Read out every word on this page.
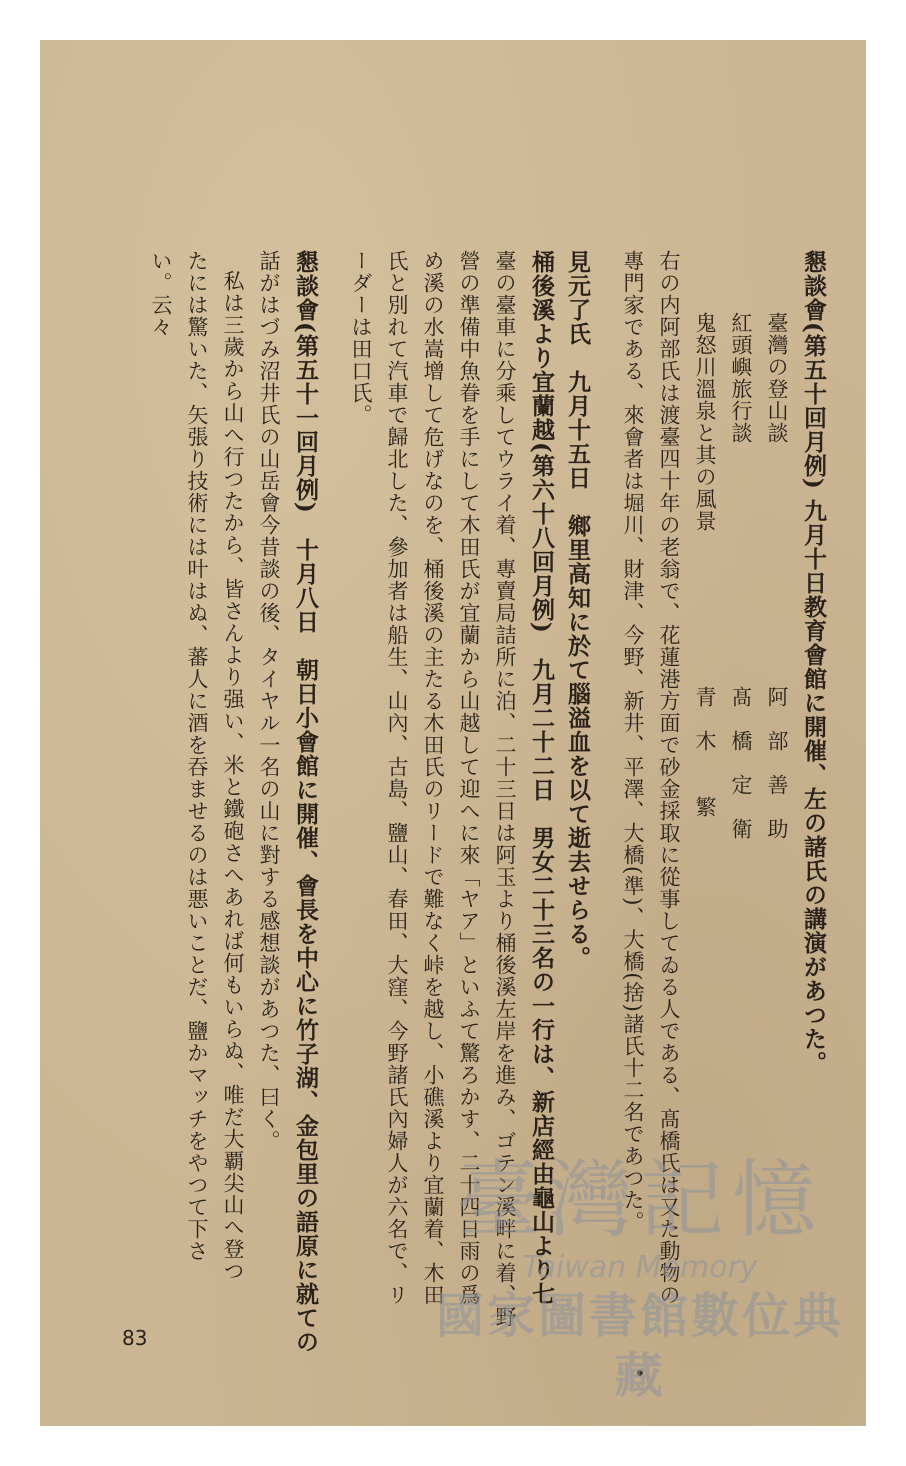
懇談會(第五十回月例) 九月十日教育會館に開催、左の諸氏の講演があつた。
臺灣の登山談　　　　　　　　　　　阿　部　善　助
紅頭嶼旅行談　　　　　　　　　　　髙　橋　定　衛
鬼怒川溫泉と其の風景　　　　　　　青　木　　繁
右の内阿部氏は渡臺四十年の老翁で、花蓮港方面で砂金採取に從事してゐる人である、髙橋氏は又た動物の
專門家である、來會者は堀川、財津、今野、新井、平澤、大橋(準)、大橋(捨)諸氏十二名であつた。
見元了氏　九月十五日　鄉里高知に於て腦溢血を以て逝去せらる。
桶後溪より宜蘭越(第六十八回月例)　九月二十二日　男女二十三名の一行は、新店經由龜山より七
臺の臺車に分乘してウライ着、專賣局詰所に泊、二十三日は阿玉より桶後溪左岸を進み、ゴテン溪畔に着、野
營の準備中魚眷を手にして木田氏が宜蘭から山越して迎へに來「ヤア」といふて驚ろかす、二十四日雨の爲
め溪の水嵩增して危げなのを、桶後溪の主たる木田氏のリードで難なく峠を越し、小礁溪より宜蘭着、木田
氏と別れて汽車で歸北した、參加者は船生、山內、古島、鹽山、春田、大窪、今野諸氏內婦人が六名で、リ
ーダーは田口氏。
懇談會(第五十一回月例)　十月八日　朝日小會館に開催、會長を中心に竹子湖、金包里の語原に就ての
話がはづみ沼井氏の山岳會今昔談の後、タイヤル一名の山に對する感想談があつた、曰く。
私は三歲から山へ行つたから、皆さんより强い、米と鐵砲さへあれば何もいらぬ、唯だ大覇尖山へ登つ
たには驚いた、矢張り技術には叶はぬ、蕃人に酒を吞ませるのは悪いことだ、鹽かマッチをやつて下さ
い。云々
83
臺灣記憶
Taiwan Memory
國家圖書館數位典藏
